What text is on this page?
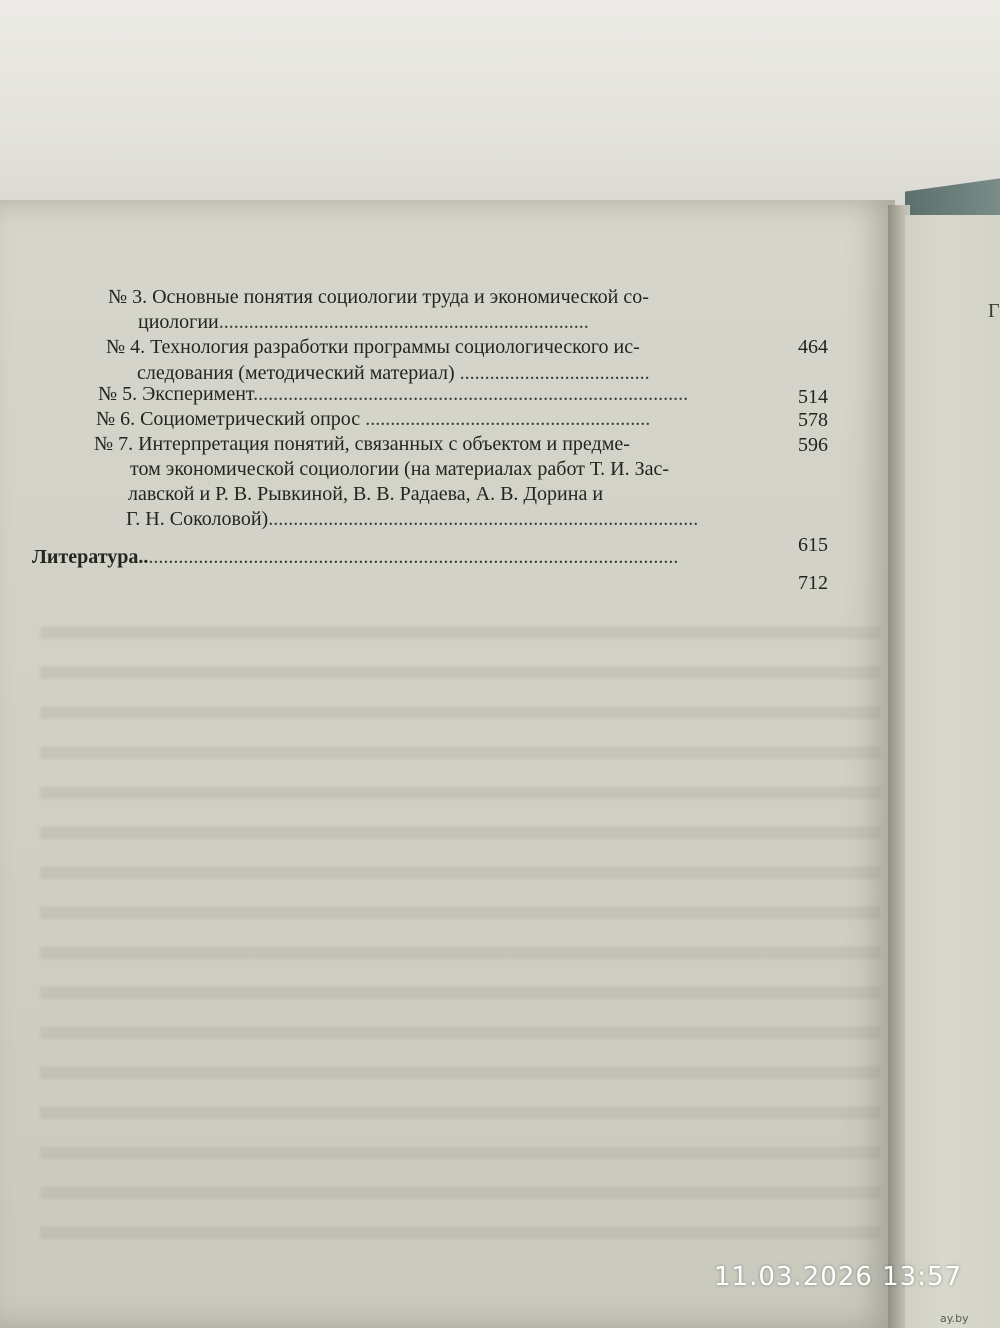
Г
№ 3. Основные понятия социологии труда и экономической со-
циологии..........................................................................
464
№ 4. Технология разработки программы социологического ис-
следования (методический материал) ......................................
514
№ 5. Эксперимент.......................................................................................
578
№ 6. Социометрический опрос .........................................................
596
№ 7. Интерпретация понятий, связанных с объектом и предме-
том экономической социологии (на материалах работ Т. И. Зас-
лавской и Р. В. Рывкиной, В. В. Радаева, А. В. Дорина и
Г. Н. Соколовой)......................................................................................
615
Литература............................................................................................................
712
11.03.2026 13:57
ay.by
